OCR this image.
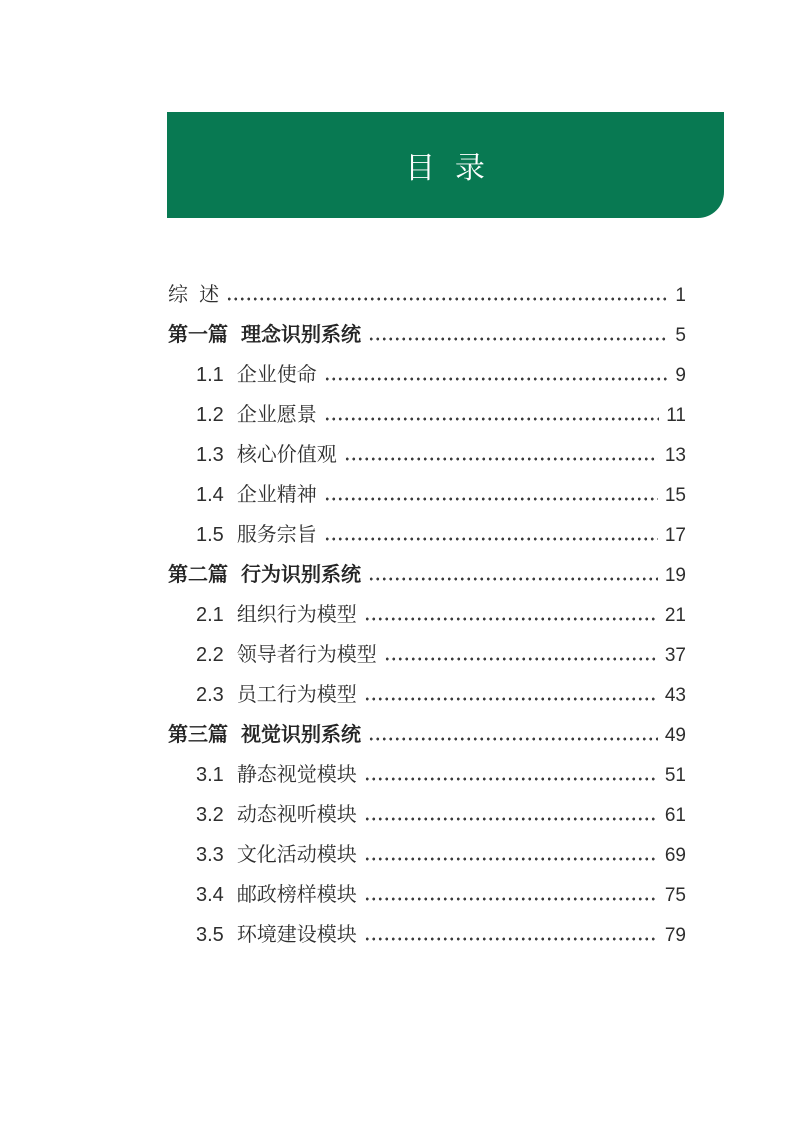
目  录
综  述	1
第一篇 理念识别系统	5
1.1 企业使命	9
1.2 企业愿景	11
1.3 核心价值观	13
1.4 企业精神	15
1.5 服务宗旨	17
第二篇 行为识别系统	19
2.1 组织行为模型	21
2.2 领导者行为模型	37
2.3 员工行为模型	43
第三篇 视觉识别系统	49
3.1 静态视觉模块	51
3.2 动态视听模块	61
3.3 文化活动模块	69
3.4 邮政榜样模块	75
3.5 环境建设模块	79
